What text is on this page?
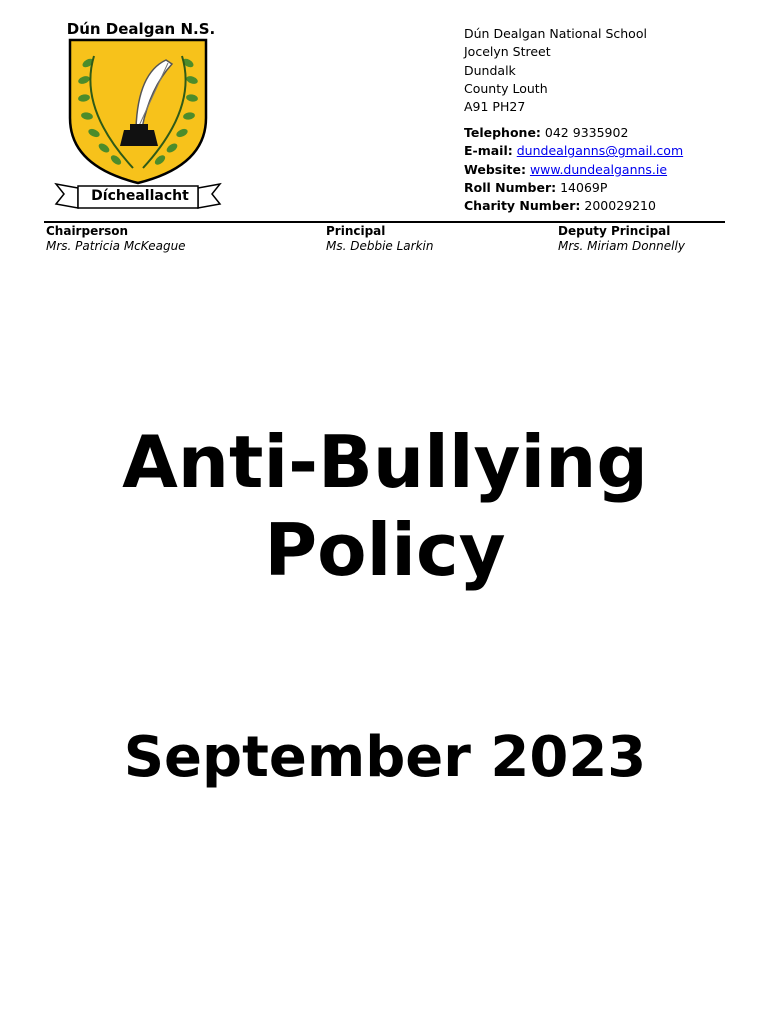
Dún Dealgan N.S.
Dícheallacht
Dún Dealgan National School
Jocelyn Street
Dundalk
County Louth
A91 PH27
Telephone: 042 9335902
E-mail: dundealganns@gmail.com
Website: www.dundealganns.ie
Roll Number: 14069P
Charity Number: 200029210
Chairperson
Mrs. Patricia McKeague
Principal
Ms. Debbie Larkin
Deputy Principal
Mrs. Miriam Donnelly
Anti-Bullying
Policy
September 2023
